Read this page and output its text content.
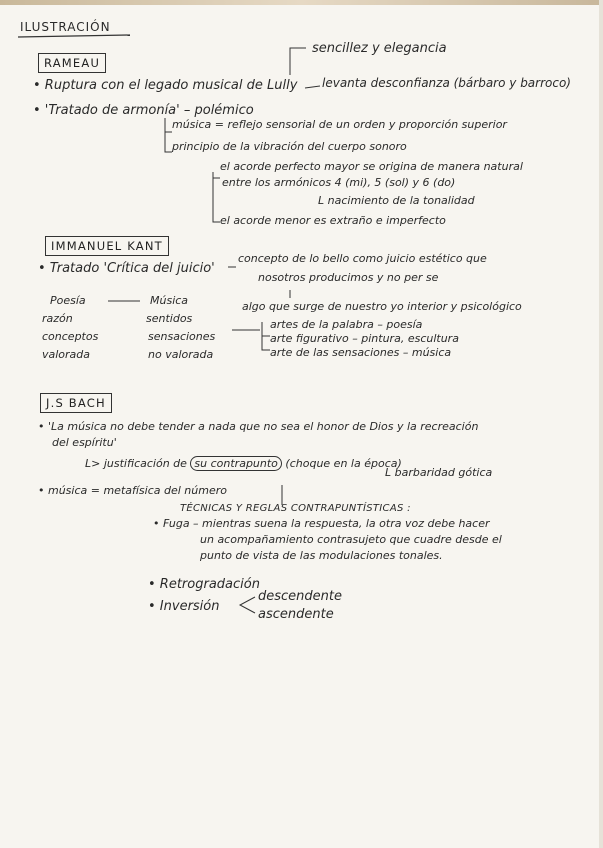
ILUSTRACIÓN
RAMEAU
sencillez y elegancia
• Ruptura con el legado musical de Lully levanta desconfianza (bárbaro y barroco)
• 'Tratado de armonía' – polémico
música = reflejo sensorial de un orden y proporción superior
principio de la vibración del cuerpo sonoro
el acorde perfecto mayor se origina de manera natural
entre los armónicos 4 (mi), 5 (sol) y 6 (do)
L nacimiento de la tonalidad
el acorde menor es extraño e imperfecto
IMMANUEL KANT
• Tratado 'Crítica del juicio'
concepto de lo bello como juicio estético que
nosotros producimos y no per se
algo que surge de nuestro yo interior y psicológico
Poesía	Música
razón	sentidos
conceptos	sensaciones
valorada	no valorada
artes de la palabra – poesía
arte figurativo – pintura, escultura
arte de las sensaciones – música
J.S BACH
• 'La música no debe tender a nada que no sea el honor de Dios y la recreación
del espíritu'
L> justificación de su contrapunto (choque en la época)
L barbaridad gótica
• música = metafísica del número
TÉCNICAS Y REGLAS CONTRAPUNTÍSTICAS :
• Fuga – mientras suena la respuesta, la otra voz debe hacer
un acompañamiento contrasujeto que cuadre desde el
punto de vista de las modulaciones tonales.
• Retrogradación
• Inversión
descendente
ascendente
